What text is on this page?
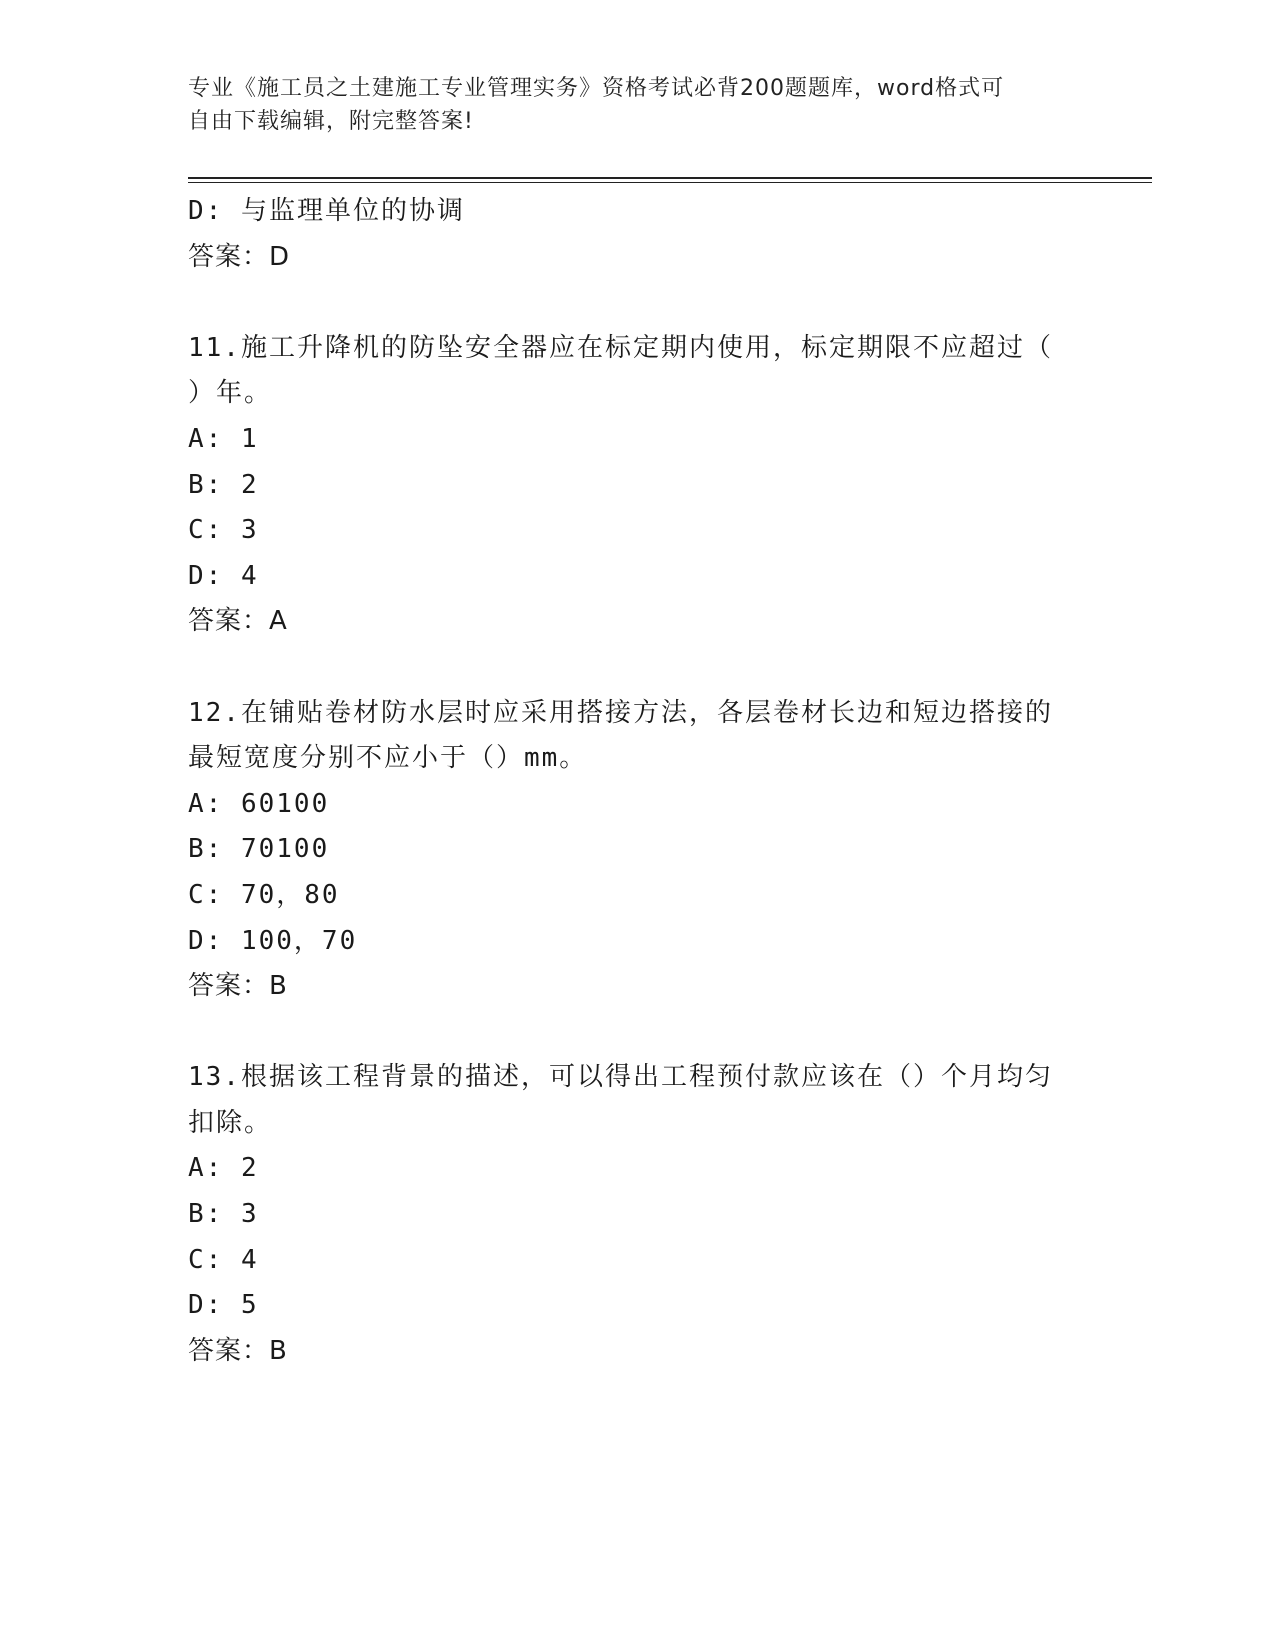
专业《施工员之土建施工专业管理实务》资格考试必背200题题库，word格式可
自由下载编辑，附完整答案!
D: 与监理单位的协调
答案：D
11.施工升降机的防坠安全器应在标定期内使用，标定期限不应超过（
）年。
A: 1
B: 2
C: 3
D: 4
答案：A
12.在铺贴卷材防水层时应采用搭接方法，各层卷材长边和短边搭接的
最短宽度分别不应小于（）mm。
A: 60100
B: 70100
C: 70，80
D: 100，70
答案：B
13.根据该工程背景的描述，可以得出工程预付款应该在（）个月均匀
扣除。
A: 2
B: 3
C: 4
D: 5
答案：B
